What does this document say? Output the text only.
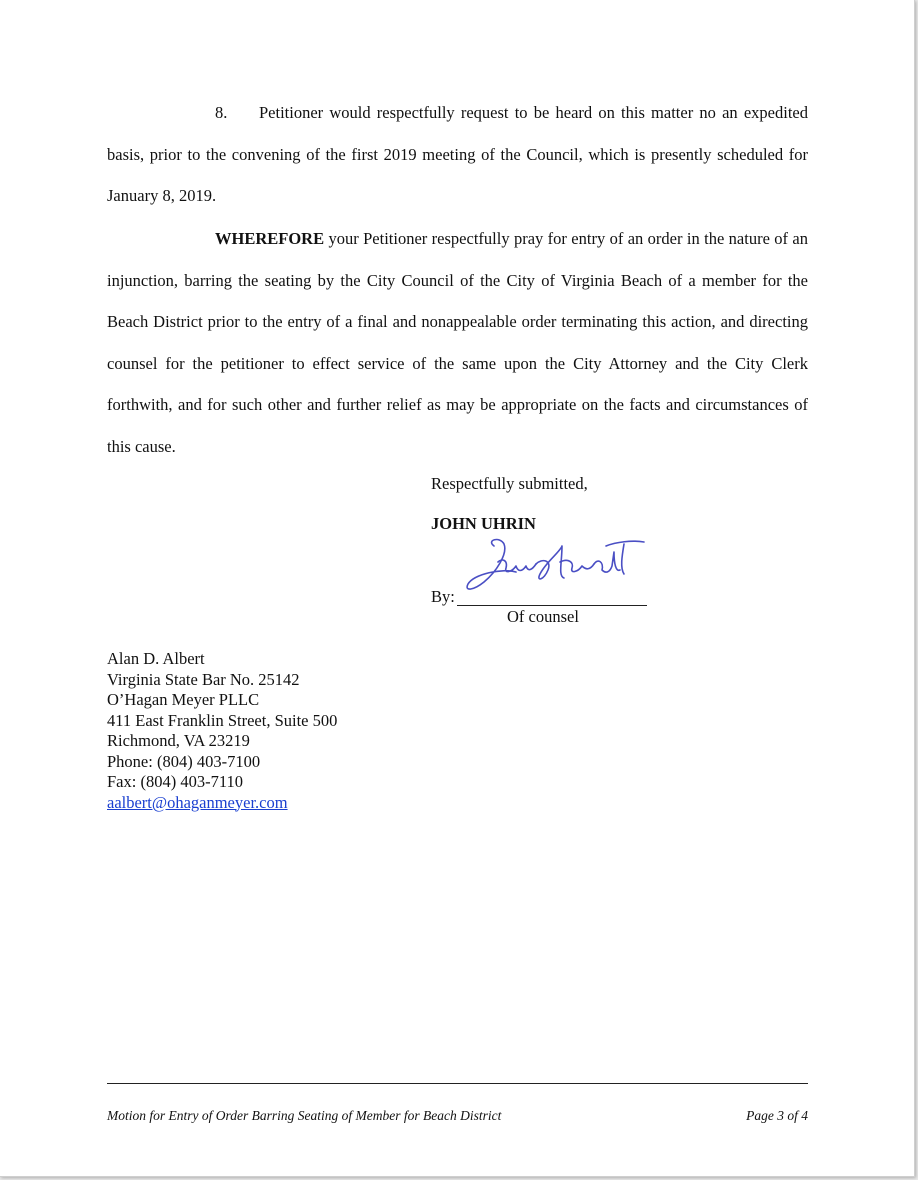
8. Petitioner would respectfully request to be heard on this matter no an expedited basis, prior to the convening of the first 2019 meeting of the Council, which is presently scheduled for January 8, 2019.

WHEREFORE your Petitioner respectfully pray for entry of an order in the nature of an injunction, barring the seating by the City Council of the City of Virginia Beach of a member for the Beach District prior to the entry of a final and nonappealable order terminating this action, and directing counsel for the petitioner to effect service of the same upon the City Attorney and the City Clerk forthwith, and for such other and further relief as may be appropriate on the facts and circumstances of this cause.

Respectfully submitted,
JOHN UHRIN
By:
Of counsel
Alan D. Albert
Virginia State Bar No. 25142
O’Hagan Meyer PLLC
411 East Franklin Street, Suite 500
Richmond, VA 23219
Phone: (804) 403-7100
Fax: (804) 403-7110
aalbert@ohaganmeyer.com
Motion for Entry of Order Barring Seating of Member for Beach District	Page 3 of 4
